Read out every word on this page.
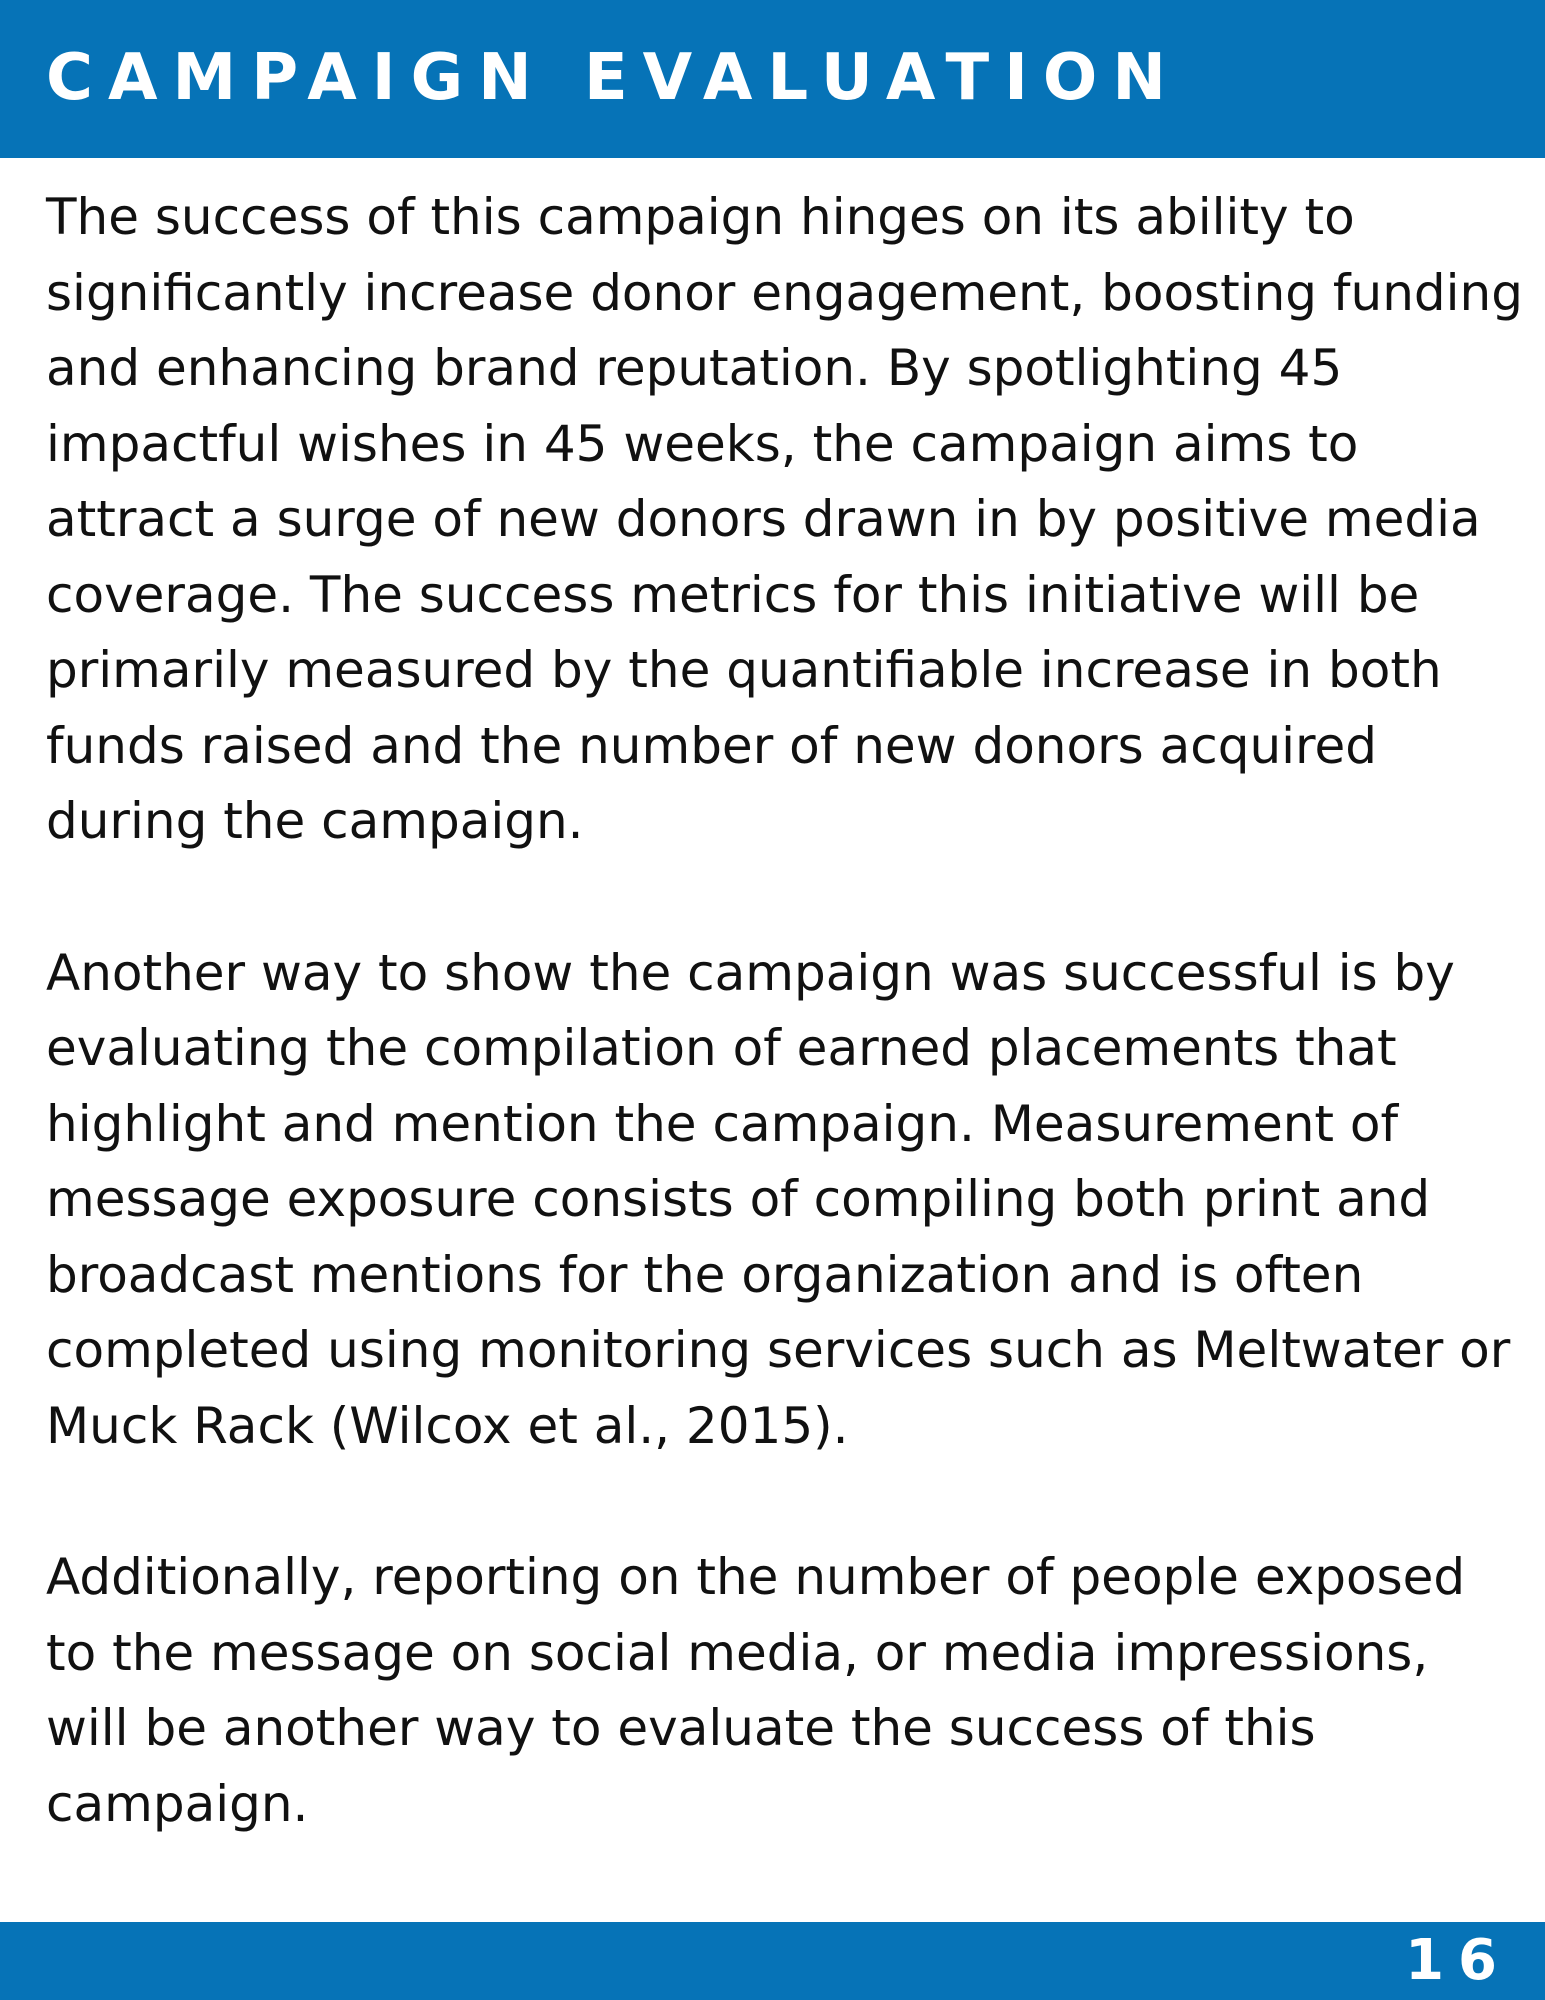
CAMPAIGN EVALUATION

The success of this campaign hinges on its ability to significantly increase donor engagement, boosting funding and enhancing brand reputation. By spotlighting 45 impactful wishes in 45 weeks, the campaign aims to attract a surge of new donors drawn in by positive media coverage. The success metrics for this initiative will be primarily measured by the quantifiable increase in both funds raised and the number of new donors acquired during the campaign.

Another way to show the campaign was successful is by evaluating the compilation of earned placements that highlight and mention the campaign. Measurement of message exposure consists of compiling both print and broadcast mentions for the organization and is often completed using monitoring services such as Meltwater or Muck Rack (Wilcox et al., 2015).

Additionally, reporting on the number of people exposed to the message on social media, or media impressions, will be another way to evaluate the success of this campaign.

16
